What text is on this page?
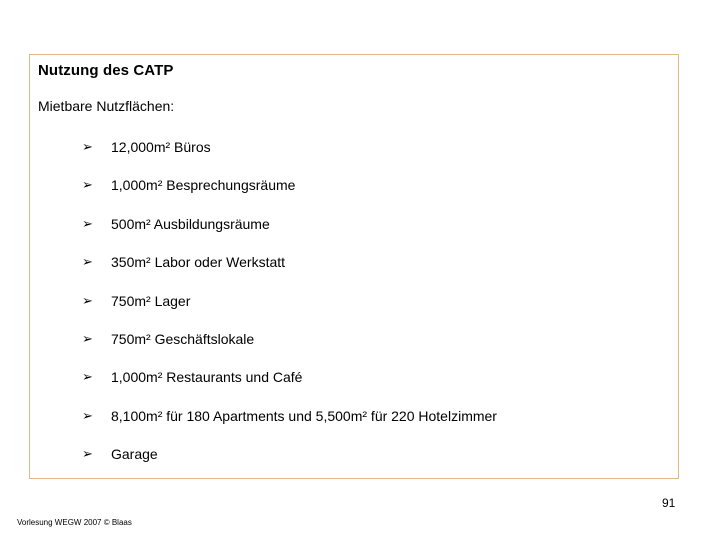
Nutzung des CATP
Mietbare Nutzflächen:
➢	12,000m² Büros
➢	1,000m² Besprechungsräume
➢	500m² Ausbildungsräume
➢	350m² Labor oder Werkstatt
➢	750m² Lager
➢	750m² Geschäftslokale
➢	1,000m² Restaurants und Café
➢	8,100m² für 180 Apartments und 5,500m² für 220 Hotelzimmer
➢	Garage
91
Vorlesung WEGW 2007 © Blaas
